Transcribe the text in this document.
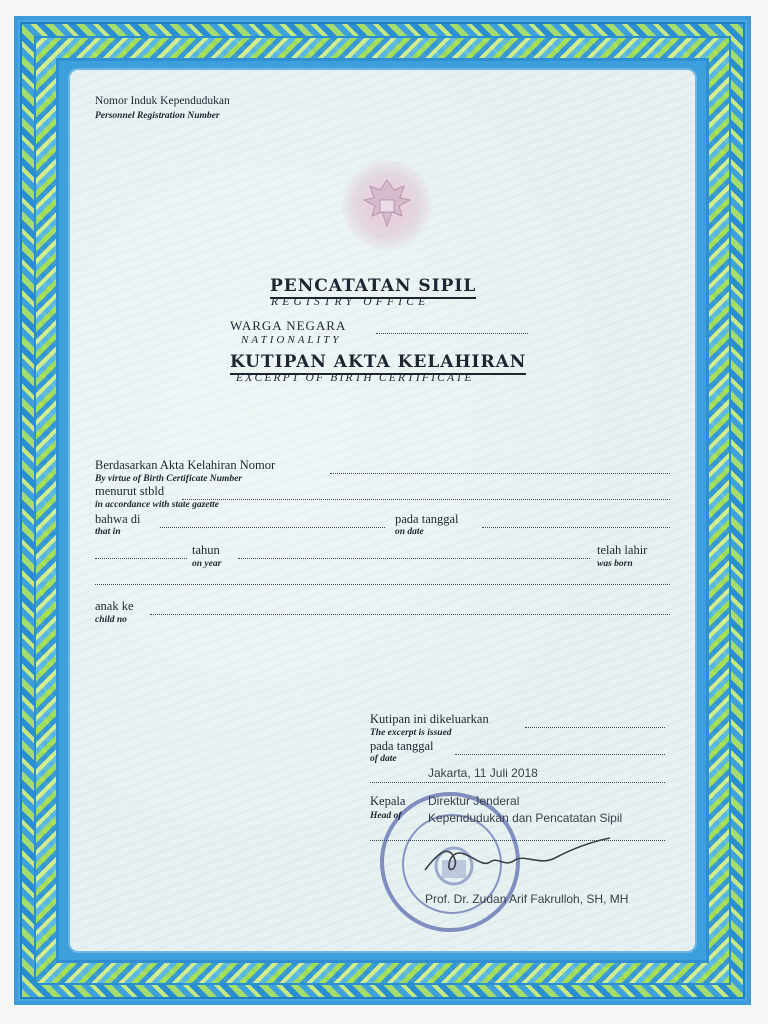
Nomor Induk Kependudukan
Personnel Registration Number
PENCATATAN SIPIL
REGISTRY OFFICE
WARGA NEGARA
NATIONALITY
KUTIPAN AKTA KELAHIRAN
EXCERPT OF BIRTH CERTIFICATE
Berdasarkan Akta Kelahiran Nomor
By virtue of Birth Certificate Number
menurut stbld
in accordance with state gazette
bahwa di
that in
pada tanggal
on date
tahun
on year
telah lahir
was born
anak ke
child no
Kutipan ini dikeluarkan
The excerpt is issued
pada tanggal
of date
Jakarta, 11 Juli 2018
Kepala Direktur Jenderal
Head of Kependudukan dan Pencatatan Sipil
Prof. Dr. Zudan Arif Fakrulloh, SH, MH
